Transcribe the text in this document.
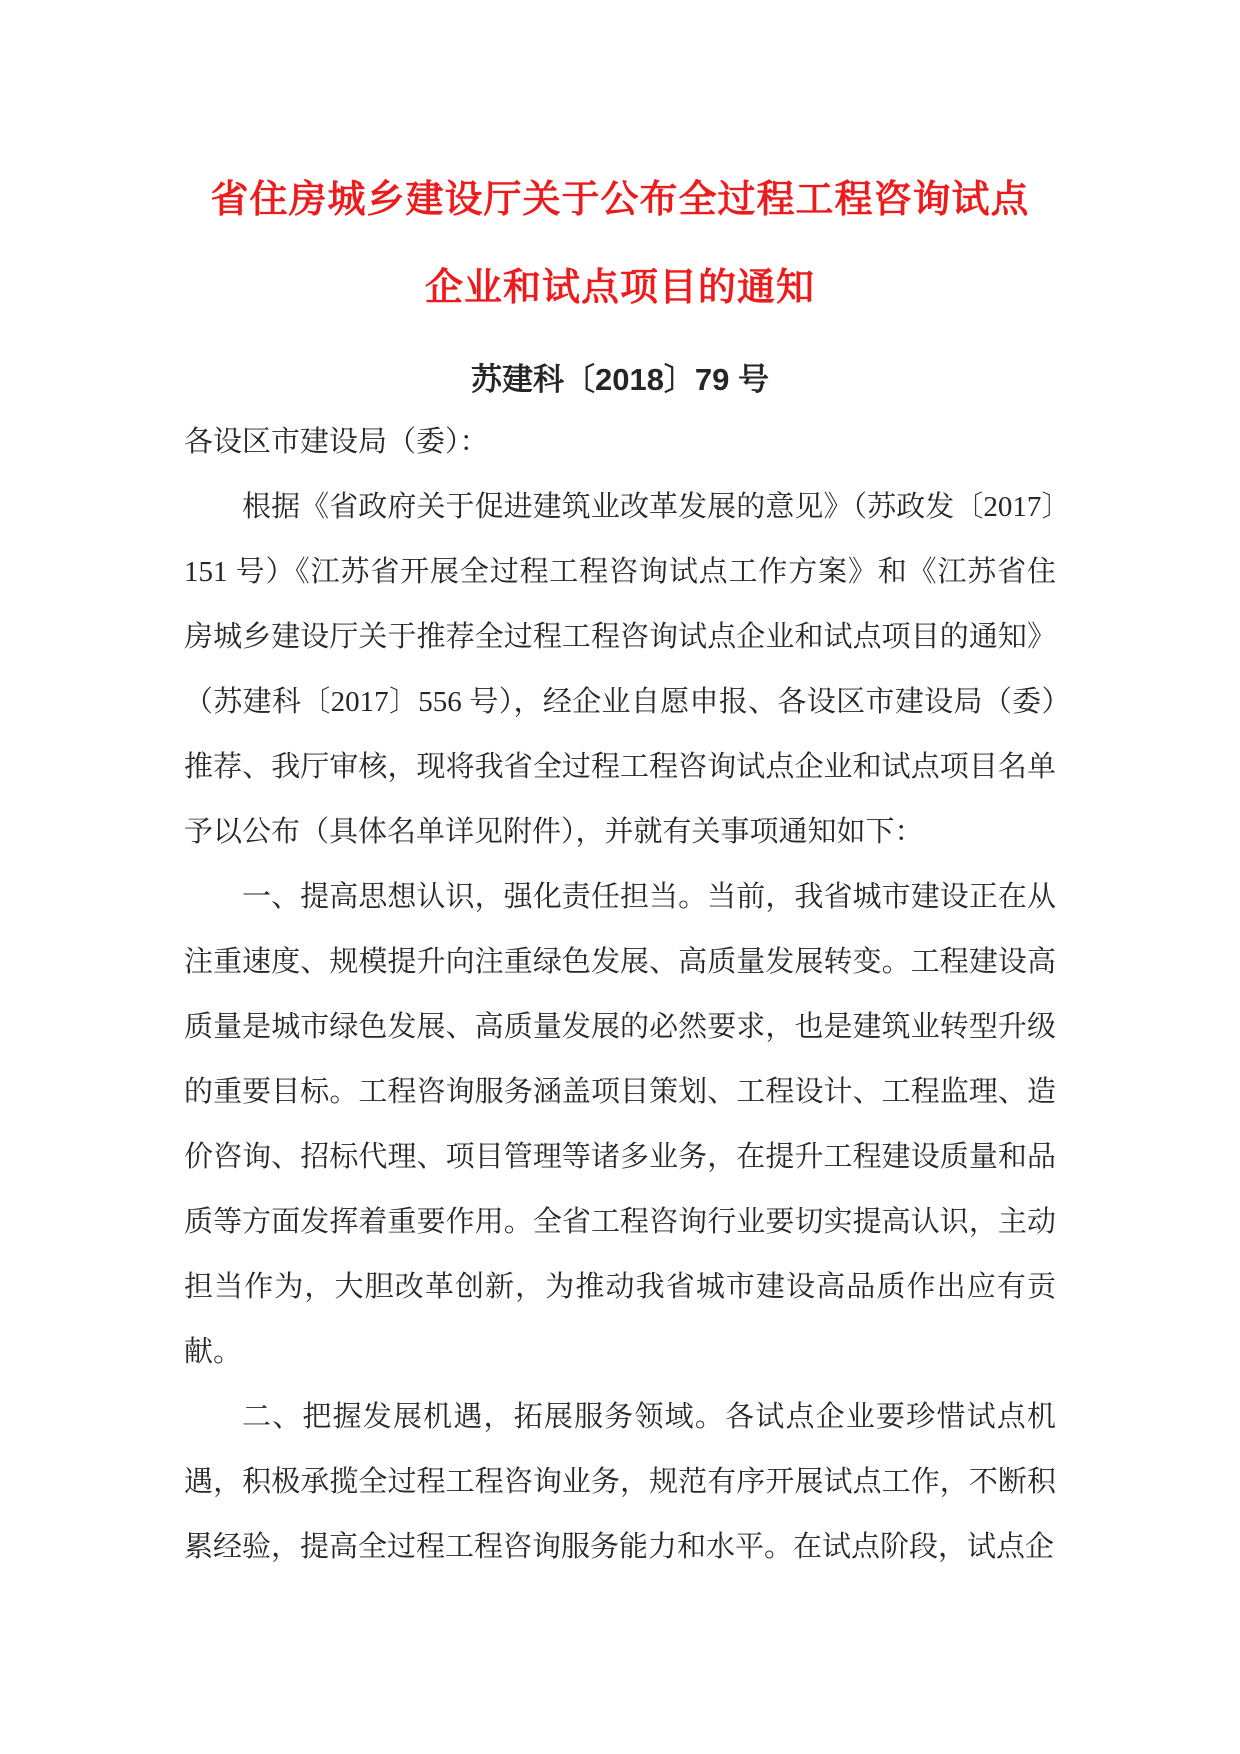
省住房城乡建设厅关于公布全过程工程咨询试点
企业和试点项目的通知
苏建科〔2018〕79 号

各设区市建设局（委）：

根据《省政府关于促进建筑业改革发展的意见》（苏政发〔2017〕151 号）《江苏省开展全过程工程咨询试点工作方案》和《江苏省住房城乡建设厅关于推荐全过程工程咨询试点企业和试点项目的通知》（苏建科〔2017〕556 号），经企业自愿申报、各设区市建设局（委）推荐、我厅审核，现将我省全过程工程咨询试点企业和试点项目名单予以公布（具体名单详见附件），并就有关事项通知如下：

一、提高思想认识，强化责任担当。当前，我省城市建设正在从注重速度、规模提升向注重绿色发展、高质量发展转变。工程建设高质量是城市绿色发展、高质量发展的必然要求，也是建筑业转型升级的重要目标。工程咨询服务涵盖项目策划、工程设计、工程监理、造价咨询、招标代理、项目管理等诸多业务，在提升工程建设质量和品质等方面发挥着重要作用。全省工程咨询行业要切实提高认识，主动担当作为，大胆改革创新，为推动我省城市建设高品质作出应有贡献。

二、把握发展机遇，拓展服务领域。各试点企业要珍惜试点机遇，积极承揽全过程工程咨询业务，规范有序开展试点工作，不断积累经验，提高全过程工程咨询服务能力和水平。在试点阶段，试点企
